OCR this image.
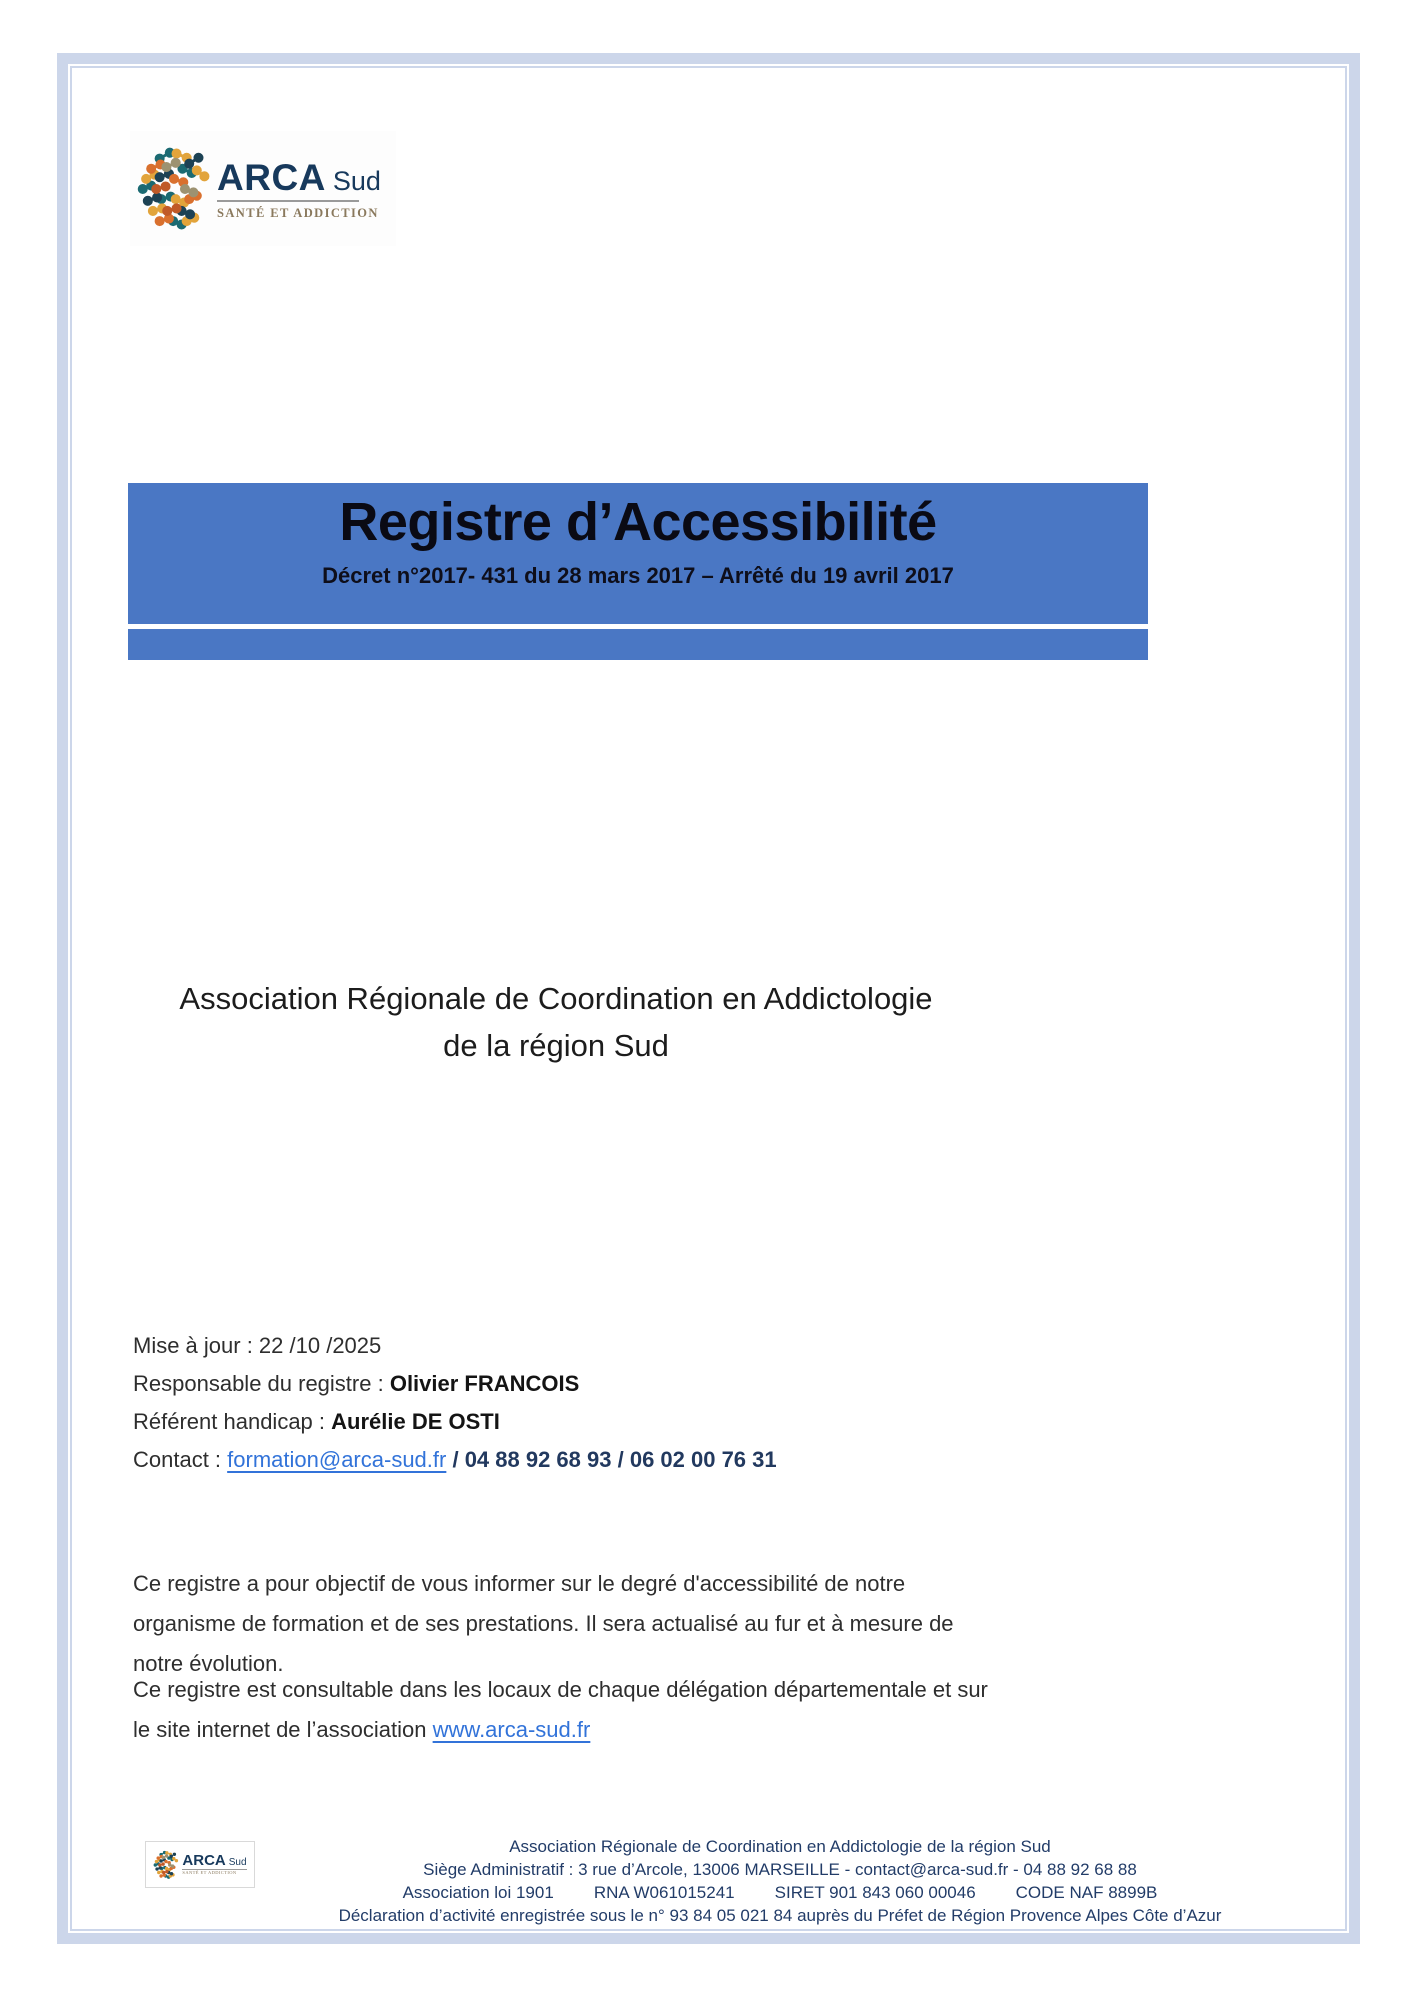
ARCA Sud
SANTÉ ET ADDICTION
Registre d’Accessibilité
Décret n°2017- 431 du 28 mars 2017 – Arrêté du 19 avril 2017
Association Régionale de Coordination en Addictologie
de la région Sud
Mise à jour : 22 /10 /2025
Responsable du registre : Olivier FRANCOIS
Référent handicap : Aurélie DE OSTI
Contact : formation@arca-sud.fr / 04 88 92 68 93 / 06 02 00 76 31

Ce registre a pour objectif de vous informer sur le degré d'accessibilité de notre organisme de formation et de ses prestations. Il sera actualisé au fur et à mesure de notre évolution.

Ce registre est consultable dans les locaux de chaque délégation départementale et sur le site internet de l’association www.arca-sud.fr

ARCA Sud
SANTÉ ET ADDICTION
Association Régionale de Coordination en Addictologie de la région Sud
Siège Administratif : 3 rue d’Arcole, 13006 MARSEILLE - contact@arca-sud.fr - 04 88 92 68 88
Association loi 1901 RNA W061015241 SIRET 901 843 060 00046 CODE NAF 8899B
Déclaration d’activité enregistrée sous le n° 93 84 05 021 84 auprès du Préfet de Région Provence Alpes Côte d’Azur
